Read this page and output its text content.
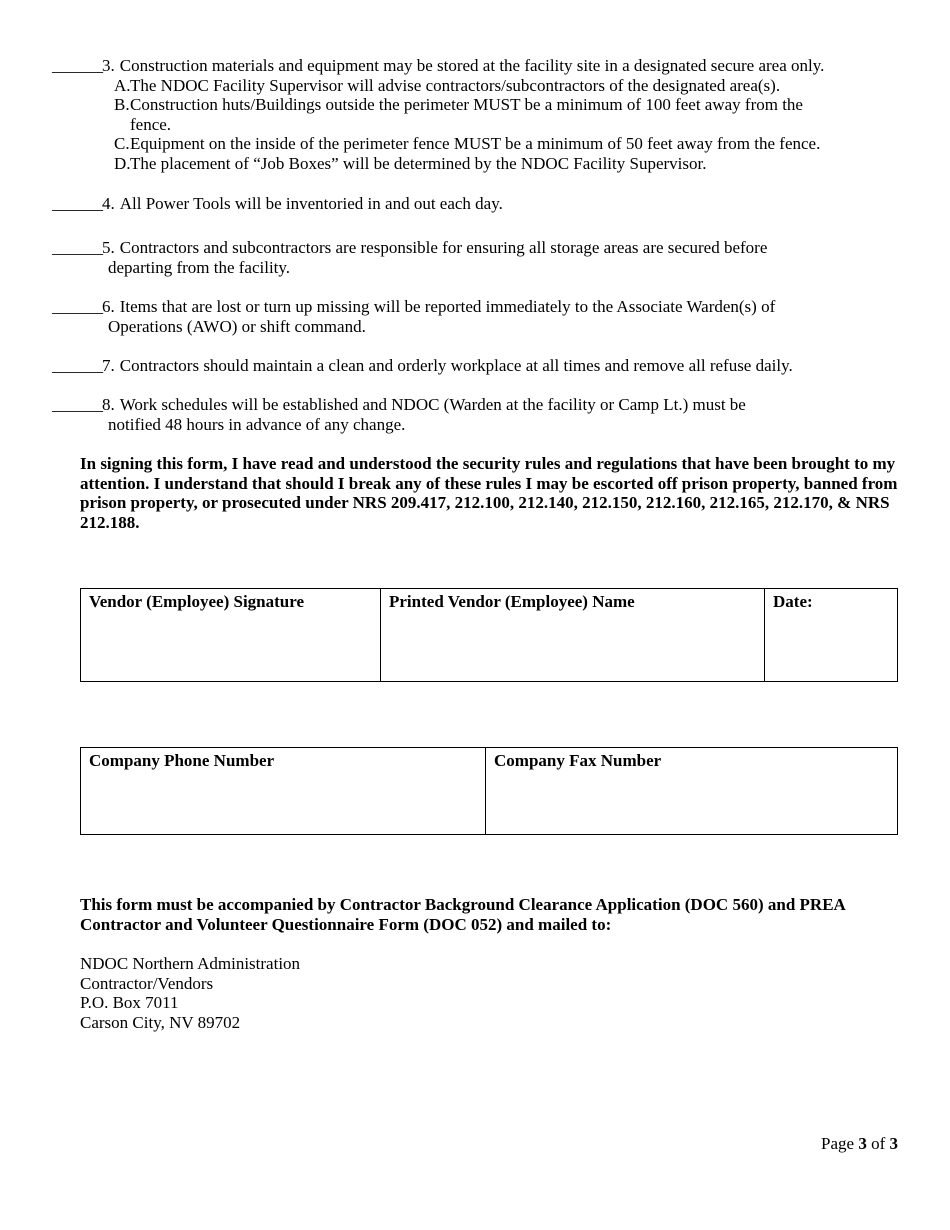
______ 3. Construction materials and equipment may be stored at the facility site in a designated secure area only.
A. The NDOC Facility Supervisor will advise contractors/subcontractors of the designated area(s).
B. Construction huts/Buildings outside the perimeter MUST be a minimum of 100 feet away from the
fence.
C. Equipment on the inside of the perimeter fence MUST be a minimum of 50 feet away from the fence.
D. The placement of “Job Boxes” will be determined by the NDOC Facility Supervisor.
______ 4. All Power Tools will be inventoried in and out each day.
______ 5. Contractors and subcontractors are responsible for ensuring all storage areas are secured before
departing from the facility.
______ 6. Items that are lost or turn up missing will be reported immediately to the Associate Warden(s) of
Operations (AWO) or shift command.
______ 7. Contractors should maintain a clean and orderly workplace at all times and remove all refuse daily.
______ 8. Work schedules will be established and NDOC (Warden at the facility or Camp Lt.) must be
notified 48 hours in advance of any change.
In signing this form, I have read and understood the security rules and regulations that have been brought to my attention. I understand that should I break any of these rules I may be escorted off prison property, banned from prison property, or prosecuted under NRS 209.417, 212.100, 212.140, 212.150, 212.160, 212.165, 212.170, & NRS 212.188.
Vendor (Employee) Signature	Printed Vendor (Employee) Name	Date:
Company Phone Number	Company Fax Number
This form must be accompanied by Contractor Background Clearance Application (DOC 560) and PREA Contractor and Volunteer Questionnaire Form (DOC 052) and mailed to:
NDOC Northern Administration
Contractor/Vendors
P.O. Box 7011
Carson City, NV 89702
Page 3 of 3
